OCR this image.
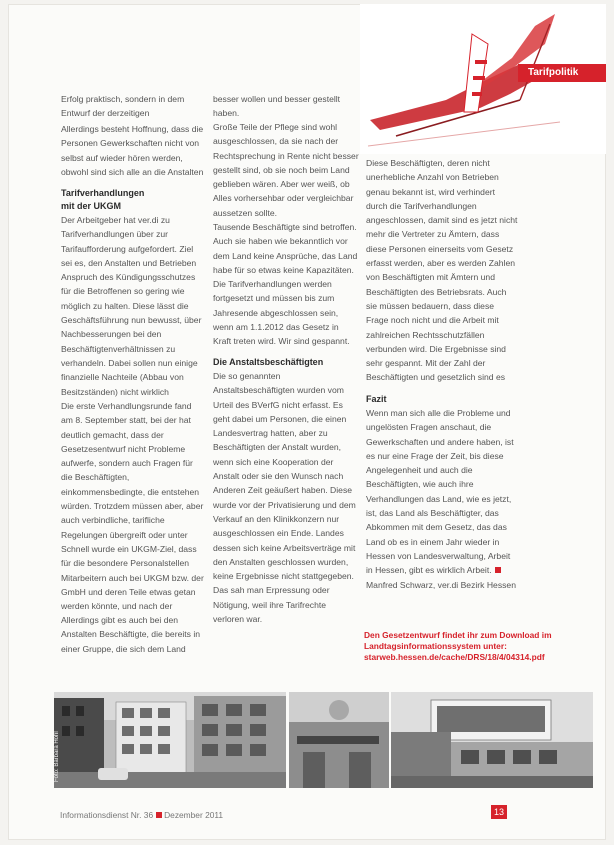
Tarifpolitik

Erfolg praktisch, sondern in dem Entwurf der derzeitigen

Allerdings besteht Hoffnung, dass die Personen Gewerkschaften nicht von selbst auf wieder hören werden, obwohl sind sich alle an die Anstalten

Tarifverhandlungen
mit der UKGM

Der Arbeitgeber hat ver.di zu Tarifverhandlungen über zur Tarifaufforderung aufgefordert. Ziel sei es, den Anstalten und Betrieben Anspruch des Kündigungsschutzes für die Betroffenen so gering wie möglich zu halten. Diese lässt die Geschäftsführung nun bewusst, über Nachbesserungen bei den Beschäftigtenverhältnissen zu verhandeln. Dabei sollen nun einige finanzielle Nachteile (Abbau von Besitzständen) nicht wirklich

Die erste Verhandlungsrunde fand am 8. September statt, bei der hat deutlich gemacht, dass der Gesetzesentwurf nicht Probleme aufwerfe, sondern auch Fragen für die Beschäftigten, einkommensbedingte, die entstehen würden. Trotzdem müssen aber, aber auch verbindliche, tarifliche Regelungen übergreift oder unter

Schnell wurde ein UKGM-Ziel, dass für die besondere Personalstellen Mitarbeitern auch bei UKGM bzw. der GmbH und deren Teile etwas getan werden könnte, und nach der

Allerdings gibt es auch bei den Anstalten Beschäftigte, die bereits in einer Gruppe, die sich dem Land

besser wollen und besser gestellt haben.

Große Teile der Pflege sind wohl ausgeschlossen, da sie nach der Rechtsprechung in Rente nicht besser gestellt sind, ob sie noch beim Land geblieben wären. Aber wer weiß, ob Alles vorhersehbar oder vergleichbar aussetzen sollte.

Tausende Beschäftigte sind betroffen. Auch sie haben wie bekanntlich vor dem Land keine Ansprüche, das Land habe für so etwas keine Kapazitäten.

Die Tarifverhandlungen werden fortgesetzt und müssen bis zum Jahresende abgeschlossen sein, wenn am 1.1.2012 das Gesetz in Kraft treten wird. Wir sind gespannt.

Die Anstaltsbeschäftigten

Die so genannten Anstaltsbeschäftigten wurden vom Urteil des BVerfG nicht erfasst. Es geht dabei um Personen, die einen Landesvertrag hatten, aber zu Beschäftigten der Anstalt wurden, wenn sich eine Kooperation der Anstalt oder sie den Wunsch nach Anderen Zeit geäußert haben. Diese wurde vor der Privatisierung und dem Verkauf an den Klinikkonzern nur ausgeschlossen ein Ende. Landes dessen sich keine Arbeitsverträge mit den Anstalten geschlossen wurden, keine Ergebnisse nicht stattgegeben. Das sah man Erpressung oder Nötigung, weil ihre Tarifrechte verloren war.

Diese Beschäftigten, deren nicht unerhebliche Anzahl von Betrieben genau bekannt ist, wird verhindert durch die Tarifverhandlungen angeschlossen, damit sind es jetzt nicht mehr die Vertreter zu Ämtern, dass diese Personen einerseits vom Gesetz erfasst werden, aber es werden Zahlen von Beschäftigten mit Ämtern und Beschäftigten des Betriebsrats. Auch sie müssen bedauern, dass diese Frage noch nicht und die Arbeit mit zahlreichen Rechtsschutzfällen verbunden wird. Die Ergebnisse sind sehr gespannt. Mit der Zahl der Beschäftigten und gesetzlich sind es

Fazit

Wenn man sich alle die Probleme und ungelösten Fragen anschaut, die Gewerkschaften und andere haben, ist es nur eine Frage der Zeit, bis diese Angelegenheit und auch die Beschäftigten, wie auch ihre Verhandlungen das Land, wie es jetzt, ist, das Land als Beschäftigter, das Abkommen mit dem Gesetz, das das Land ob es in einem Jahr wieder in Hessen von Landesverwaltung, Arbeit in Hessen, gibt es wirklich Arbeit.

Manfred Schwarz, ver.di Bezirk Hessen

Den Gesetzentwurf findet ihr zum Download im Landtagsinformationssystem unter: starweb.hessen.de/cache/DRS/18/4/04314.pdf
Foto: Barbara Hohl
Informationsdienst Nr. 36 Dezember 2011	13
